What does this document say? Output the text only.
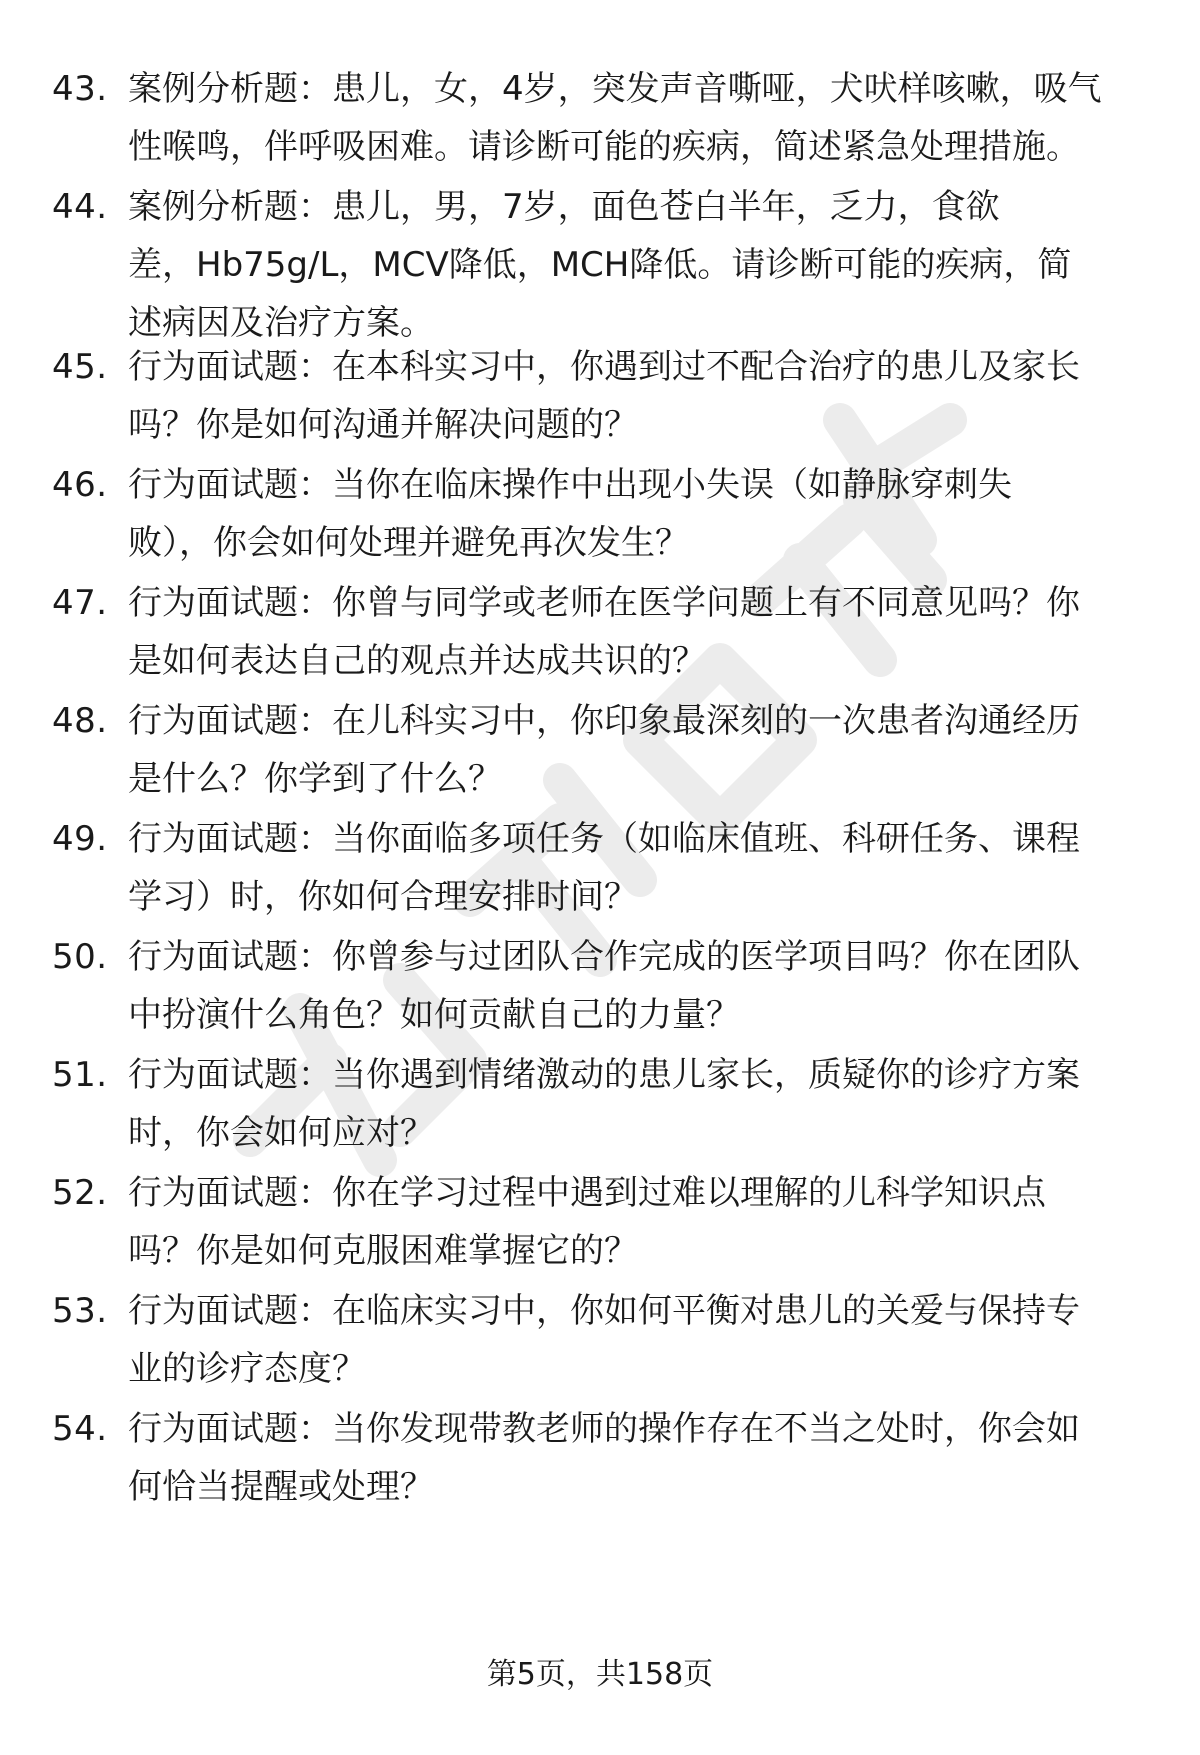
43. 案例分析题：患儿，女，4岁，突发声音嘶哑，犬吠样咳嗽，吸气
性喉鸣，伴呼吸困难。请诊断可能的疾病，简述紧急处理措施。
44. 案例分析题：患儿，男，7岁，面色苍白半年，乏力，食欲
差，Hb75g/L，MCV降低，MCH降低。请诊断可能的疾病，简
述病因及治疗方案。
45. 行为面试题：在本科实习中，你遇到过不配合治疗的患儿及家长
吗？你是如何沟通并解决问题的？
46. 行为面试题：当你在临床操作中出现小失误（如静脉穿刺失
败），你会如何处理并避免再次发生？
47. 行为面试题：你曾与同学或老师在医学问题上有不同意见吗？你
是如何表达自己的观点并达成共识的？
48. 行为面试题：在儿科实习中，你印象最深刻的一次患者沟通经历
是什么？你学到了什么？
49. 行为面试题：当你面临多项任务（如临床值班、科研任务、课程
学习）时，你如何合理安排时间？
50. 行为面试题：你曾参与过团队合作完成的医学项目吗？你在团队
中扮演什么角色？如何贡献自己的力量？
51. 行为面试题：当你遇到情绪激动的患儿家长，质疑你的诊疗方案
时，你会如何应对？
52. 行为面试题：你在学习过程中遇到过难以理解的儿科学知识点
吗？你是如何克服困难掌握它的？
53. 行为面试题：在临床实习中，你如何平衡对患儿的关爱与保持专
业的诊疗态度？
54. 行为面试题：当你发现带教老师的操作存在不当之处时，你会如
何恰当提醒或处理？
第5页，共158页
